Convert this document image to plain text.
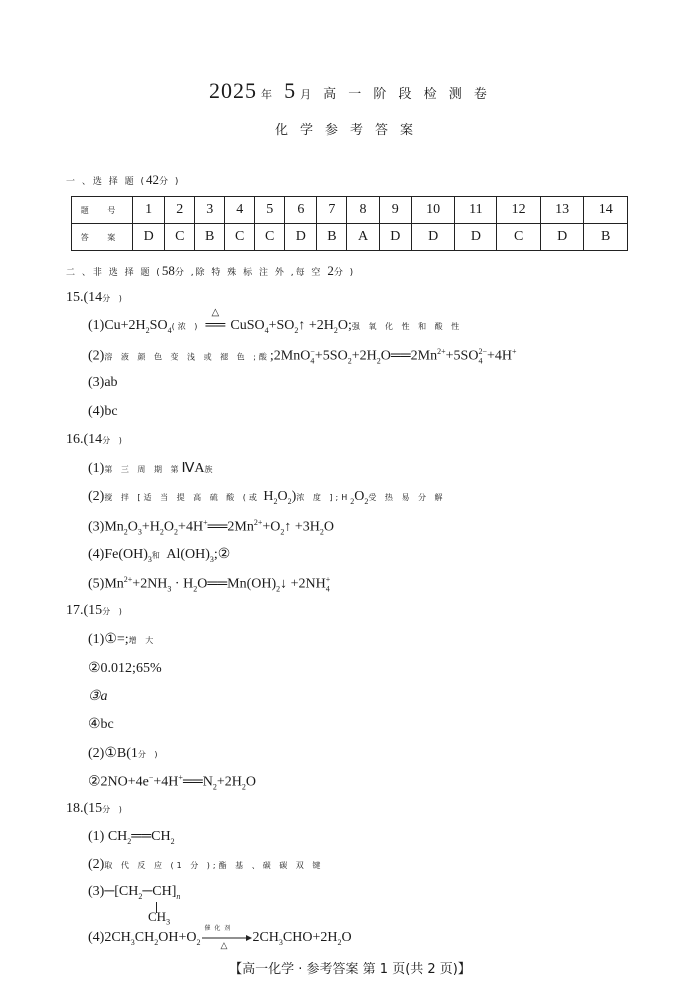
2025 年 5 月 高 一 阶 段 检 测 卷
化学参考答案
一 、选 择 题 (42分 )
题 号	1	2	3	4	5	6	7	8	9	10	11	12	13	14
答 案	D	C	B	C	C	D	B	A	D	D	D	C	D	B
二 、非 选 择 题 (58分 ,除 特 殊 标 注 外 ,每 空 2分 )
15.(14分 )
$(1)Cu+2H_2SO_4$(浓 )
△
══ $CuSO_4+SO_2↑ +2H_2O$;强 氧 化 性 和 酸 性
(2)溶 液 颜 色 变 浅 或 褪 色 ;酸$;2MnO_4^-+5SO_2+2H_2O══2Mn^{2+}+5SO_4^{2-}+4H^+$
(3)ab
(4)bc
16.(14分 )
(1)第 三 周 期 第ⅣA族
(2)搅 拌 [适 当 提 高 硫 酸 (或 $H_2O_2$)浓 度 ]$;H_2O_2$受 热 易 分 解
$(3)Mn_2O_3+H_2O_2+4H^+══2Mn^{2+}+O_2↑ +3H_2O$
$(4)Fe(OH)_3$和 $Al(OH)_3;②$
$(5)Mn^{2+}+2NH_3$ · $H_2O══Mn(OH)_2↓ +2NH_4^+$
17.(15分 )
(1)①=;增 大
②0.012;65%
③a
④bc
(2)①B(1分 )
$②2NO+4e^-+4H^+══N_2+2H_2O$
18.(15分 )
(1) $CH_2══CH_2$
(2)取 代 反 应 (1 分 );酯 基 、碳 碳 双 键
$(3)─[CH_2─CH]_n$
$CH_3$
$(4)2CH_3CH_2OH+O_2$
催 化 剂
△ $2CH_3CHO+2H_2O$
【高一化学 · 参考答案 第 1 页(共 2 页)】
